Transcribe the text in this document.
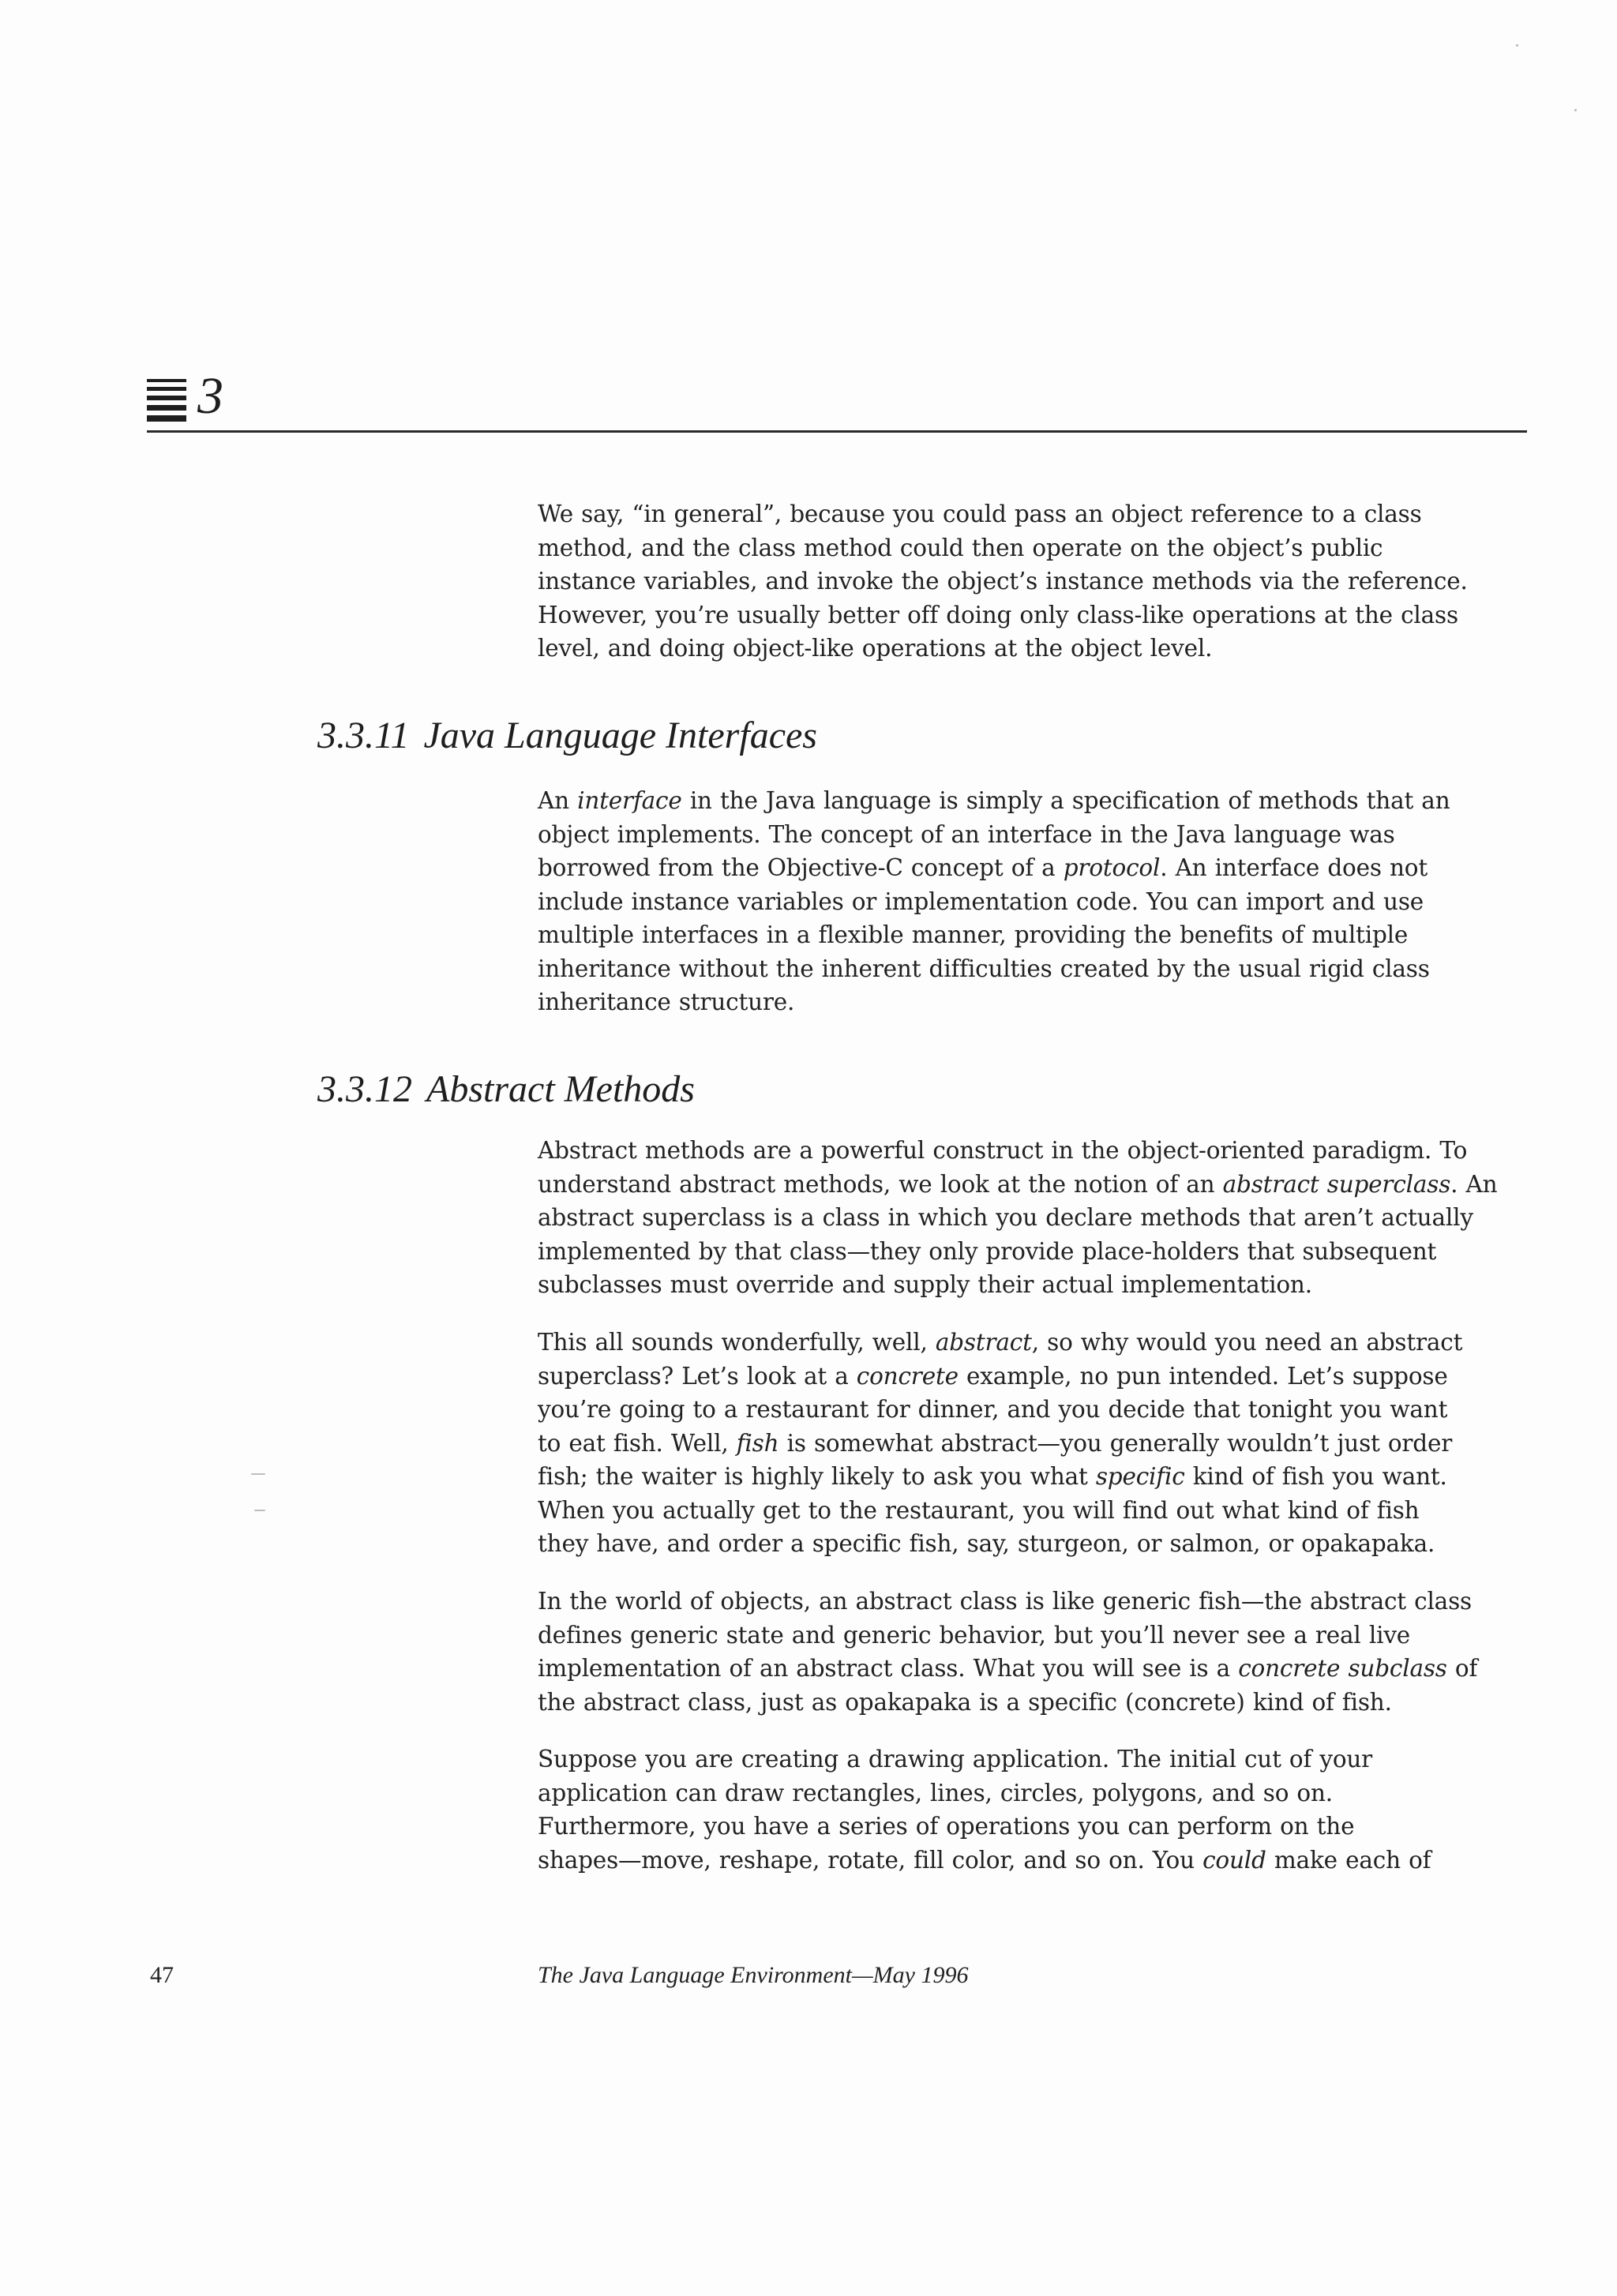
3

We say, “in general”, because you could pass an object reference to a class
method, and the class method could then operate on the object’s public
instance variables, and invoke the object’s instance methods via the reference.
However, you’re usually better off doing only class-like operations at the class
level, and doing object-like operations at the object level.

3.3.11 Java Language Interfaces

An interface in the Java language is simply a specification of methods that an
object implements. The concept of an interface in the Java language was
borrowed from the Objective-C concept of a protocol. An interface does not
include instance variables or implementation code. You can import and use
multiple interfaces in a flexible manner, providing the benefits of multiple
inheritance without the inherent difficulties created by the usual rigid class
inheritance structure.

3.3.12 Abstract Methods

Abstract methods are a powerful construct in the object-oriented paradigm. To
understand abstract methods, we look at the notion of an abstract superclass. An
abstract superclass is a class in which you declare methods that aren’t actually
implemented by that class—they only provide place-holders that subsequent
subclasses must override and supply their actual implementation.

This all sounds wonderfully, well, abstract, so why would you need an abstract
superclass? Let’s look at a concrete example, no pun intended. Let’s suppose
you’re going to a restaurant for dinner, and you decide that tonight you want
to eat fish. Well, fish is somewhat abstract—you generally wouldn’t just order
fish; the waiter is highly likely to ask you what specific kind of fish you want.
When you actually get to the restaurant, you will find out what kind of fish
they have, and order a specific fish, say, sturgeon, or salmon, or opakapaka.

In the world of objects, an abstract class is like generic fish—the abstract class
defines generic state and generic behavior, but you’ll never see a real live
implementation of an abstract class. What you will see is a concrete subclass of
the abstract class, just as opakapaka is a specific (concrete) kind of fish.

Suppose you are creating a drawing application. The initial cut of your
application can draw rectangles, lines, circles, polygons, and so on.
Furthermore, you have a series of operations you can perform on the
shapes—move, reshape, rotate, fill color, and so on. You could make each of

47	The Java Language Environment—May 1996
